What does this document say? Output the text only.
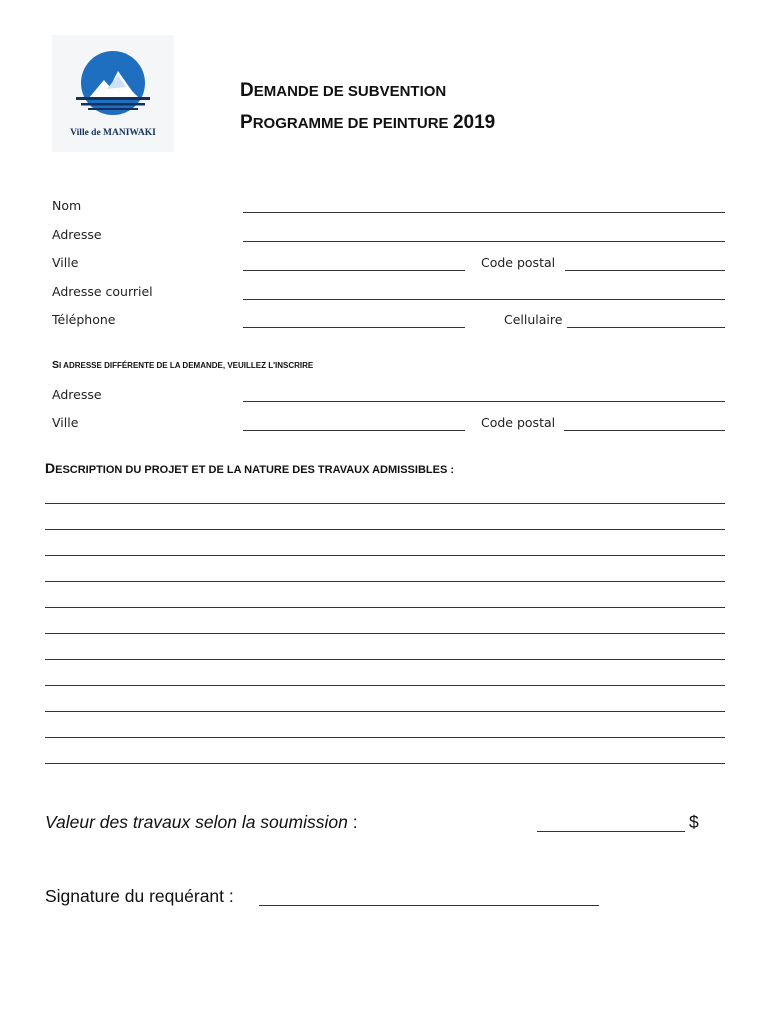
Ville de MANIWAKI
DEMANDE DE SUBVENTION
PROGRAMME DE PEINTURE 2019
Nom
Adresse
Ville	Code postal
Adresse courriel
Téléphone	Cellulaire
SI ADRESSE DIFFÉRENTE DE LA DEMANDE, VEUILLEZ L'INSCRIRE
Adresse
Ville	Code postal
DESCRIPTION DU PROJET ET DE LA NATURE DES TRAVAUX ADMISSIBLES :
Valeur des travaux selon la soumission :	$
Signature du requérant :
